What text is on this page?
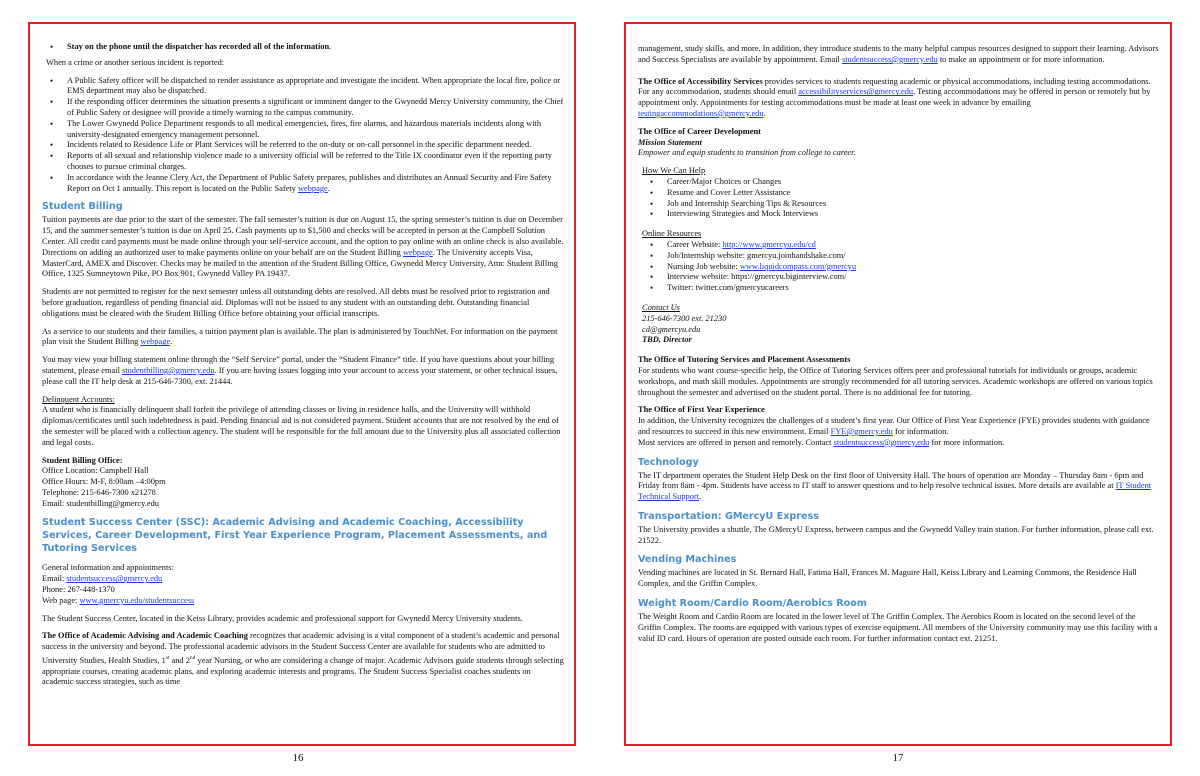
• Stay on the phone until the dispatcher has recorded all of the information.

When a crime or another serious incident is reported:

• A Public Safety officer will be dispatched to render assistance as appropriate and investigate the incident. When appropriate the local fire, police or EMS department may also be dispatched.
• If the responding officer determines the situation presents a significant or imminent danger to the Gwynedd Mercy University community, the Chief of Public Safety or designee will provide a timely warning to the campus community.
• The Lower Gwynedd Police Department responds to all medical emergencies, fires, fire alarms, and hazardous materials incidents along with university-designated emergency management personnel.
• Incidents related to Residence Life or Plant Services will be referred to the on-duty or on-call personnel in the specific department needed.
• Reports of all sexual and relationship violence made to a university official will be referred to the Title IX coordinator even if the reporting party chooses to pursue criminal charges.
• In accordance with the Jeanne Clery Act, the Department of Public Safety prepares, publishes and distributes an Annual Security and Fire Safety Report on Oct 1 annually. This report is located on the Public Safety webpage.
Student Billing

Tuition payments are due prior to the start of the semester. The fall semester’s tuition is due on August 15, the spring semester’s tuition is due on December 15, and the summer semester’s tuition is due on April 25. Cash payments up to $1,500 and checks will be accepted in person at the Campbell Solution Center. All credit card payments must be made online through your self-service account, and the option to pay online with an online check is also available. Directions on adding an authorized user to make payments online on your behalf are on the Student Billing webpage. The University accepts Visa, MasterCard, AMEX and Discover. Checks may be mailed to the attention of the Student Billing Office, Gwynedd Mercy University, Attn: Student Billing Office, 1325 Sumneytown Pike, PO Box 901, Gwynedd Valley PA 19437.

Students are not permitted to register for the next semester unless all outstanding debts are resolved. All debts must be resolved prior to registration and before graduation, regardless of pending financial aid. Diplomas will not be issued to any student with an outstanding debt. Outstanding financial obligations must be cleared with the Student Billing Office before obtaining your official transcripts.

As a service to our students and their families, a tuition payment plan is available. The plan is administered by TouchNet. For information on the payment plan visit the Student Billing webpage.

You may view your billing statement online through the “Self Service” portal, under the “Student Finance” title. If you have questions about your billing statement, please email studentbilling@gmercy.edu. If you are having issues logging into your account to access your statement, or other technical issues, please call the IT help desk at 215-646-7300, ext. 21444.

Delinquent Accounts:
A student who is financially delinquent shall forfeit the privilege of attending classes or living in residence halls, and the University will withhold diplomas/certificates until such indebtedness is paid. Pending financial aid is not considered payment. Student accounts that are not resolved by the end of the semester will be placed with a collection agency. The student will be responsible for the full amount due to the University plus all associated collection and legal costs.

Student Billing Office:
Office Location: Campbell Hall
Office Hours: M-F, 8:00am –4:00pm
Telephone: 215-646-7300 x21278
Email: studentbilling@gmercy.edu
Student Success Center (SSC): Academic Advising and Academic Coaching, Accessibility Services, Career Development, First Year Experience Program, Placement Assessments, and Tutoring Services
General information and appointments:
Email: studentsuccess@gmercy.edu
Phone: 267-448-1370
Web page: www.gmercyu.edu/studentsuccess

The Student Success Center, located in the Keiss Library, provides academic and professional support for Gwynedd Mercy University students.

The Office of Academic Advising and Academic Coaching recognizes that academic advising is a vital component of a student’s academic and personal success in the university and beyond. The professional academic advisors in the Student Success Center are available for students who are admitted to University Studies, Health Studies, 1st and 2nd year Nursing, or who are considering a change of major. Academic Advisors guide students through selecting appropriate courses, creating academic plans, and exploring academic interests and programs. The Student Success Specialist coaches students on academic success strategies, such as time

16

management, study skills, and more. In addition, they introduce students to the many helpful campus resources designed to support their learning. Advisors and Success Specialists are available by appointment. Email studentsuccess@gmercy.edu to make an appointment or for more information.

The Office of Accessibility Services provides services to students requesting academic or physical accommodations, including testing accommodations. For any accommodation, students should email accessibilityservices@gmercy.edu. Testing accommodations may be offered in person or remotely but by appointment only. Appointments for testing accommodations must be made at least one week in advance by emailing testingaccommodations@gmercy.edu.

The Office of Career Development
Mission Statement
Empower and equip students to transition from college to career.
How We Can Help
• Career/Major Choices or Changes
• Resume and Cover Letter Assistance
• Job and Internship Searching Tips & Resources
• Interviewing Strategies and Mock Interviews
Online Resources
• Career Website: http://www.gmercyu.edu/cd
• Job/Internship website: gmercyu.joinhandshake.com/
• Nursing Job website: www.liquidcompass.com/gmercyu
• Interview website: https://gmercyu.biginterview.com/
• Twitter: twitter.com/gmercyucareers
Contact Us
215-646-7300 ext. 21230
cd@gmercyu.edu
TBD, Director

The Office of Tutoring Services and Placement Assessments
For students who want course-specific help, the Office of Tutoring Services offers peer and professional tutorials for individuals or groups, academic workshops, and math skill modules. Appointments are strongly recommended for all tutoring services. Academic workshops are offered on various topics throughout the semester and advertised on the student portal. There is no additional fee for tutoring.

The Office of First Year Experience
In addition, the University recognizes the challenges of a student’s first year. Our Office of First Year Experience (FYE) provides students with guidance and resources to succeed in this new environment. Email FYE@gmercy.edu for information.
Most services are offered in person and remotely. Contact studentsuccess@gmercy.edu for more information.

Technology

The IT department operates the Student Help Desk on the first floor of University Hall. The hours of operation are Monday – Thursday 8am - 6pm and Friday from 8am - 4pm. Students have access to IT staff to answer questions and to help resolve technical issues. More details are available at IT Student Technical Support.

Transportation: GMercyU Express

The University provides a shuttle, The GMercyU Express, between campus and the Gwynedd Valley train station. For further information, please call ext. 21522.

Vending Machines

Vending machines are located in St. Bernard Hall, Fatima Hall, Frances M. Maguire Hall, Keiss Library and Learning Commons, the Residence Hall Complex, and the Griffin Complex.

Weight Room/Cardio Room/Aerobics Room

The Weight Room and Cardio Room are located in the lower level of The Griffin Complex. The Aerobics Room is located on the second level of the Griffin Complex. The rooms are equipped with various types of exercise equipment. All members of the University community may use this facility with a valid ID card. Hours of operation are posted outside each room. For further information contact ext. 21251.

17
